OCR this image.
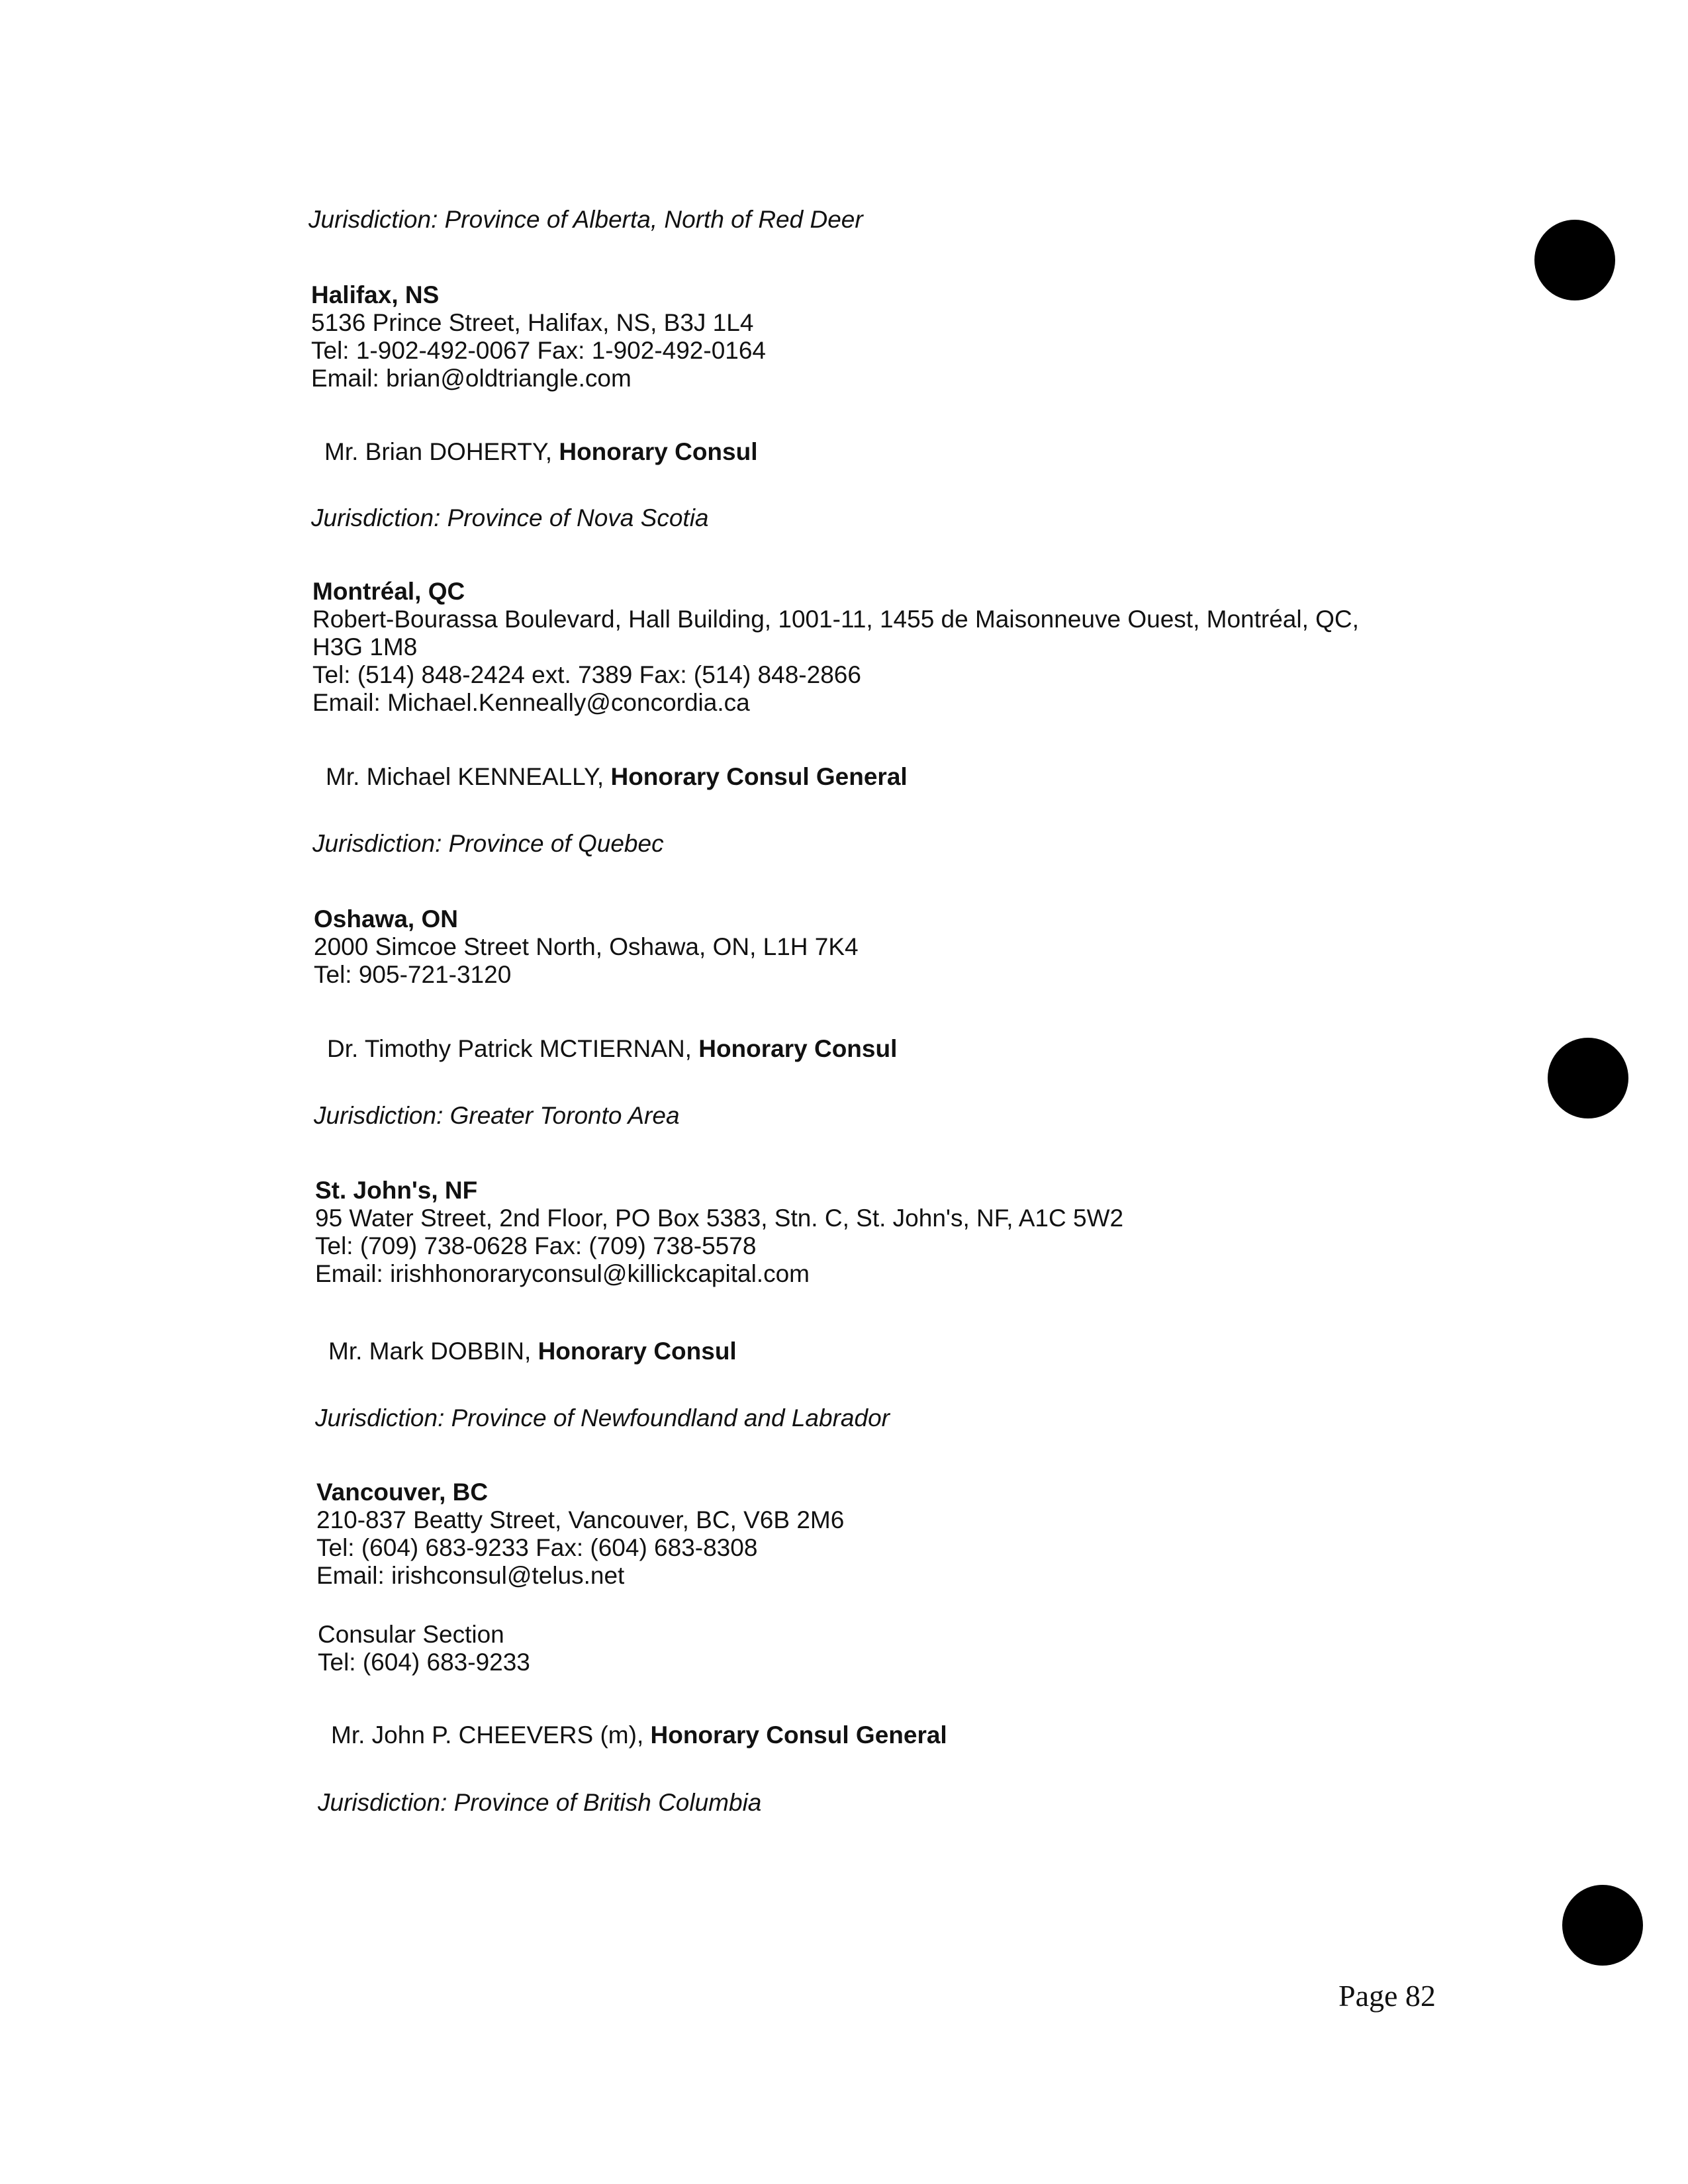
Jurisdiction: Province of Alberta, North of Red Deer
Halifax, NS
5136 Prince Street, Halifax, NS, B3J 1L4
Tel: 1-902-492-0067 Fax: 1-902-492-0164
Email: brian@oldtriangle.com
Mr. Brian DOHERTY, Honorary Consul
Jurisdiction: Province of Nova Scotia
Montréal, QC
Robert-Bourassa Boulevard, Hall Building, 1001-11, 1455 de Maisonneuve Ouest, Montréal, QC,
H3G 1M8
Tel: (514) 848-2424 ext. 7389 Fax: (514) 848-2866
Email: Michael.Kenneally@concordia.ca
Mr. Michael KENNEALLY, Honorary Consul General
Jurisdiction: Province of Quebec
Oshawa, ON
2000 Simcoe Street North, Oshawa, ON, L1H 7K4
Tel: 905-721-3120
Dr. Timothy Patrick MCTIERNAN, Honorary Consul
Jurisdiction: Greater Toronto Area
St. John's, NF
95 Water Street, 2nd Floor, PO Box 5383, Stn. C, St. John's, NF, A1C 5W2
Tel: (709) 738-0628 Fax: (709) 738-5578
Email: irishhonoraryconsul@killickcapital.com
Mr. Mark DOBBIN, Honorary Consul
Jurisdiction: Province of Newfoundland and Labrador
Vancouver, BC
210-837 Beatty Street, Vancouver, BC, V6B 2M6
Tel: (604) 683-9233 Fax: (604) 683-8308
Email: irishconsul@telus.net
Consular Section
Tel: (604) 683-9233
Mr. John P. CHEEVERS (m), Honorary Consul General
Jurisdiction: Province of British Columbia
Page 82
